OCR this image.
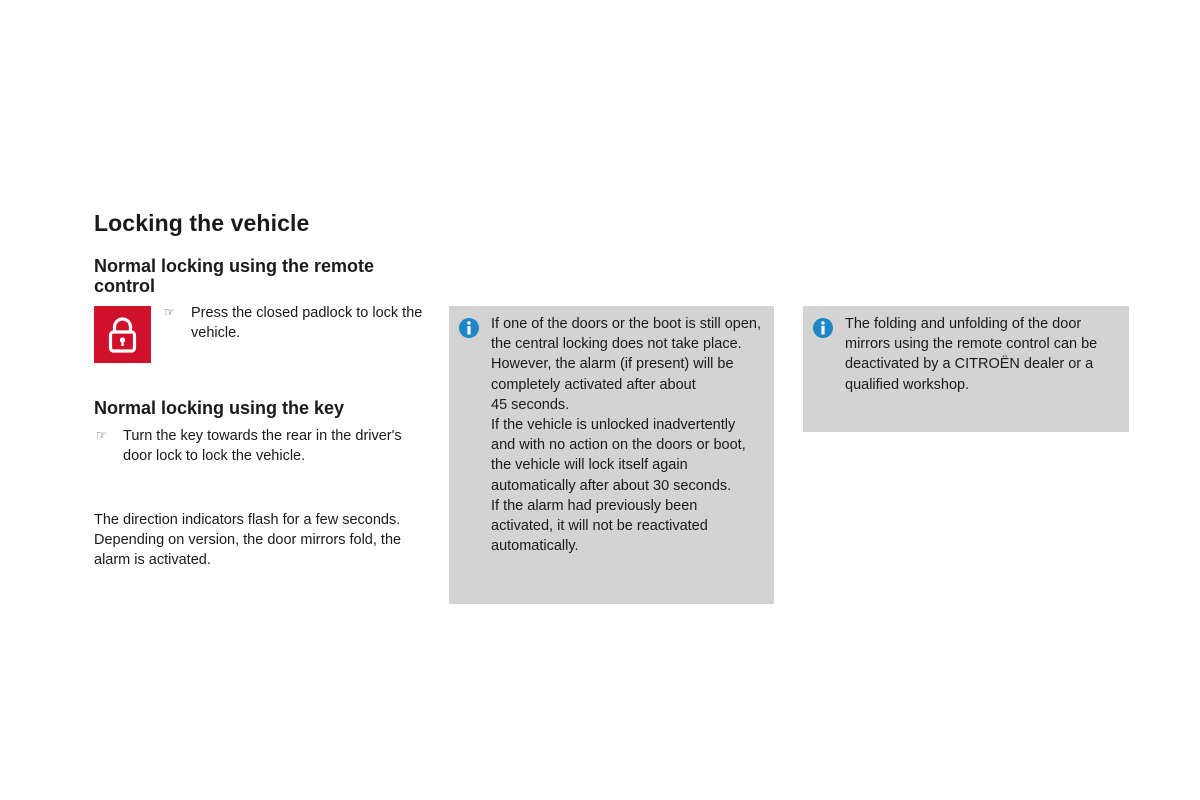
Locking the vehicle
Normal locking using the remote control
☞ Press the closed padlock to lock the vehicle.
Normal locking using the key
☞ Turn the key towards the rear in the driver's door lock to lock the vehicle.
The direction indicators flash for a few seconds.
Depending on version, the door mirrors fold, the alarm is activated.
If one of the doors or the boot is still open, the central locking does not take place.
However, the alarm (if present) will be completely activated after about
45 seconds.
If the vehicle is unlocked inadvertently and with no action on the doors or boot, the vehicle will lock itself again automatically after about 30 seconds.
If the alarm had previously been activated, it will not be reactivated automatically.
The folding and unfolding of the door mirrors using the remote control can be deactivated by a CITROËN dealer or a qualified workshop.
